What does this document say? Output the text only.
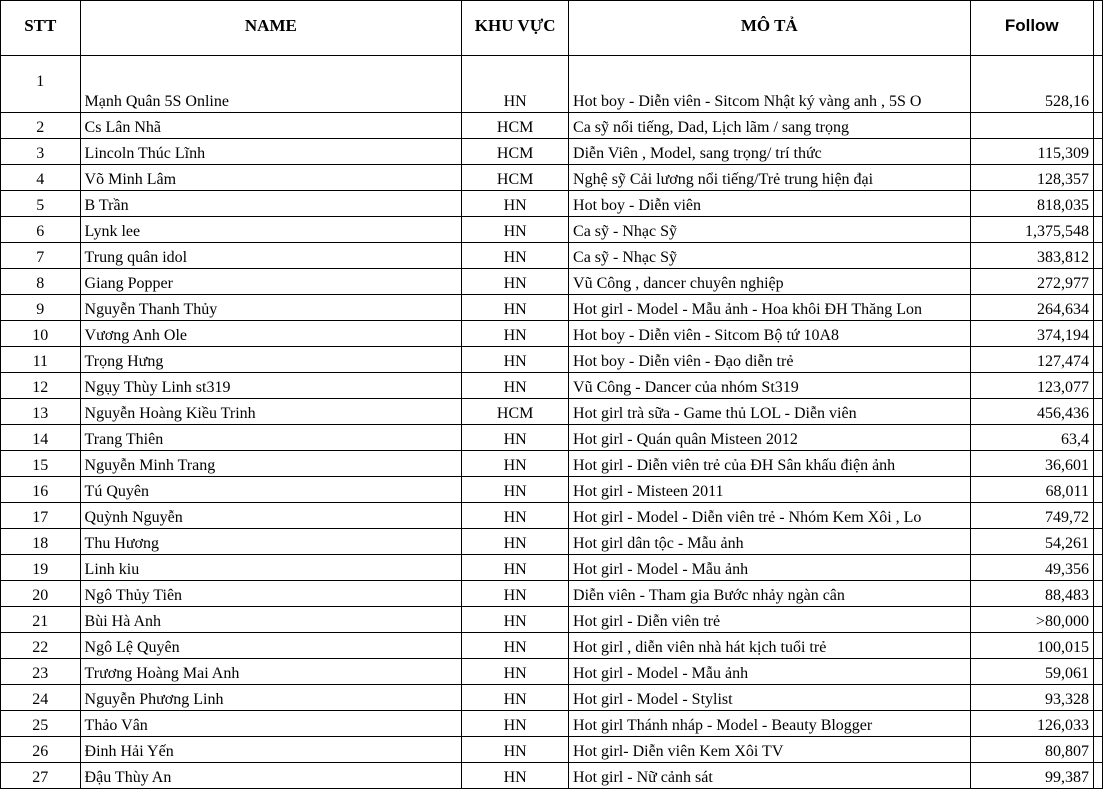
STT	NAME	KHU VỰC	MÔ TẢ	Follow	
1	Mạnh Quân 5S Online	HN	Hot boy - Diễn viên - Sitcom Nhật ký vàng anh , 5S O	528,16	
2	Cs Lân Nhã	HCM	Ca sỹ nổi tiếng, Dad, Lịch lãm / sang trọng		
3	Lincoln Thúc Lĩnh	HCM	Diễn Viên , Model, sang trọng/ trí thức	115,309	
4	Võ Minh Lâm	HCM	Nghệ sỹ Cải lương nổi tiếng/Trẻ trung hiện đại	128,357	
5	B Trần	HN	Hot boy - Diễn viên	818,035	
6	Lynk lee	HN	Ca sỹ - Nhạc Sỹ	1,375,548	
7	Trung quân idol	HN	Ca sỹ - Nhạc Sỹ	383,812	
8	Giang Popper	HN	Vũ Công , dancer chuyên nghiệp	272,977	
9	Nguyễn Thanh Thủy	HN	Hot girl - Model - Mẫu ảnh - Hoa khôi ĐH Thăng Lon	264,634	
10	Vương Anh Ole	HN	Hot boy - Diễn viên - Sitcom Bộ tứ 10A8	374,194	
11	Trọng Hưng	HN	Hot boy - Diễn viên - Đạo diễn trẻ	127,474	
12	Ngụy Thùy Linh st319	HN	Vũ Công - Dancer của nhóm St319	123,077	
13	Nguyễn Hoàng Kiều Trinh	HCM	Hot girl trà sữa - Game thủ LOL - Diễn viên	456,436	
14	Trang Thiên	HN	Hot girl - Quán quân Misteen 2012	63,4	
15	Nguyễn Minh Trang	HN	Hot girl - Diễn viên trẻ của ĐH Sân khấu điện ảnh	36,601	
16	Tú Quyên	HN	Hot girl - Misteen 2011	68,011	
17	Quỳnh Nguyễn	HN	Hot girl - Model - Diễn viên trẻ - Nhóm Kem Xôi , Lo	749,72	
18	Thu Hương	HN	Hot girl dân tộc - Mẫu ảnh	54,261	
19	Linh kiu	HN	Hot girl - Model - Mẫu ảnh	49,356	
20	Ngô Thủy Tiên	HN	Diễn viên - Tham gia Bước nhảy ngàn cân	88,483	
21	Bùi Hà Anh	HN	Hot girl - Diễn viên trẻ	>80,000	
22	Ngô Lệ Quyên	HN	Hot girl , diễn viên nhà hát kịch tuổi trẻ	100,015	
23	Trương Hoàng Mai Anh	HN	Hot girl - Model - Mẫu ảnh	59,061	
24	Nguyễn Phương Linh	HN	Hot girl - Model - Stylist	93,328	
25	Thảo Vân	HN	Hot girl Thánh nháp - Model - Beauty Blogger	126,033	
26	Đinh Hải Yến	HN	Hot girl- Diễn viên Kem Xôi TV	80,807	
27	Đậu Thùy An	HN	Hot girl - Nữ cảnh sát	99,387	
